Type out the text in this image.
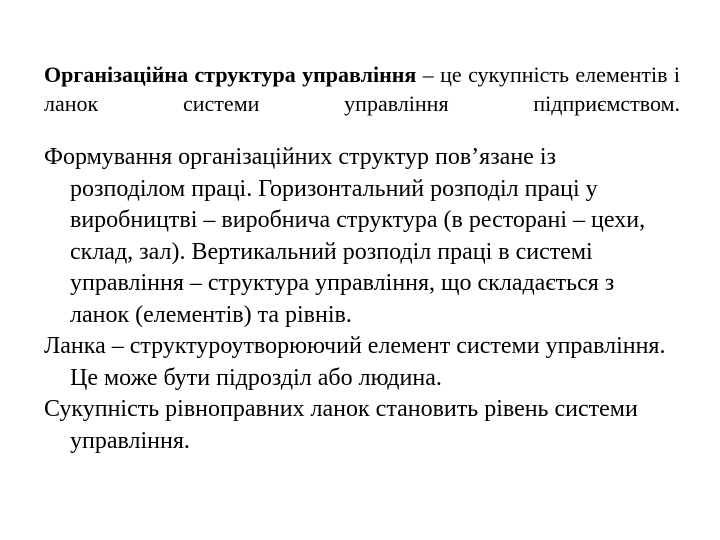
Організаційна структура управління – це сукупність елементів і ланок системи управління підприємством.

Формування організаційних структур пов’язане із розподілом праці. Горизонтальний розподіл праці у виробництві – виробнича структура (в ресторані – цехи, склад, зал). Вертикальний розподіл праці в системі управління – структура управління, що складається з ланок (елементів) та рівнів.

Ланка – структуроутворюючий елемент системи управління. Це може бути підрозділ або людина.

Сукупність рівноправних ланок становить рівень системи управління.
